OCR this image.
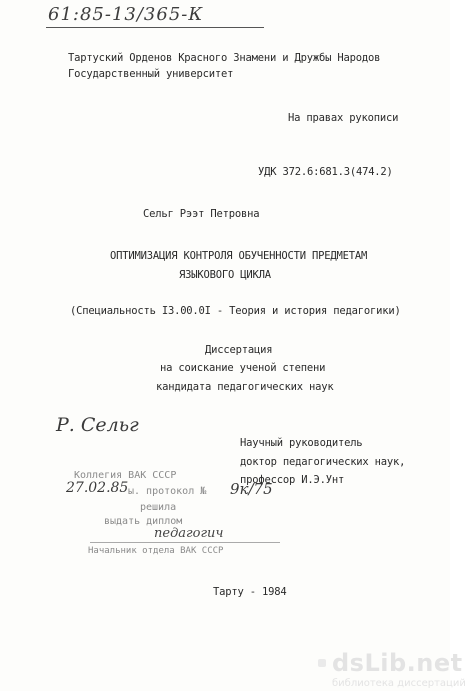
61:85-13/365-К
Тартуский Орденов Красного Знамени и Дружбы Народов
Государственный университет
На правах рукописи
УДК 372.6:681.3(474.2)
Сельг Рээт Петровна
ОПТИМИЗАЦИЯ КОНТРОЛЯ ОБУЧЕННОСТИ ПРЕДМЕТАМ
ЯЗЫКОВОГО ЦИКЛА
(Специальность I3.00.0I - Теория и история педагогики)
Диссертация
на соискание ученой степени
кандидата педагогических наук
Р. Сельг
Научный руководитель
доктор педагогических наук,
профессор И.Э.Унт
Коллегия ВАК СССР
27.02.85 ы. протокол № 9к/75
решила
выдать диплом
педагогич
Начальник отдела ВАК СССР
Тарту - 1984
dsLib.net
библиотека диссертаций
